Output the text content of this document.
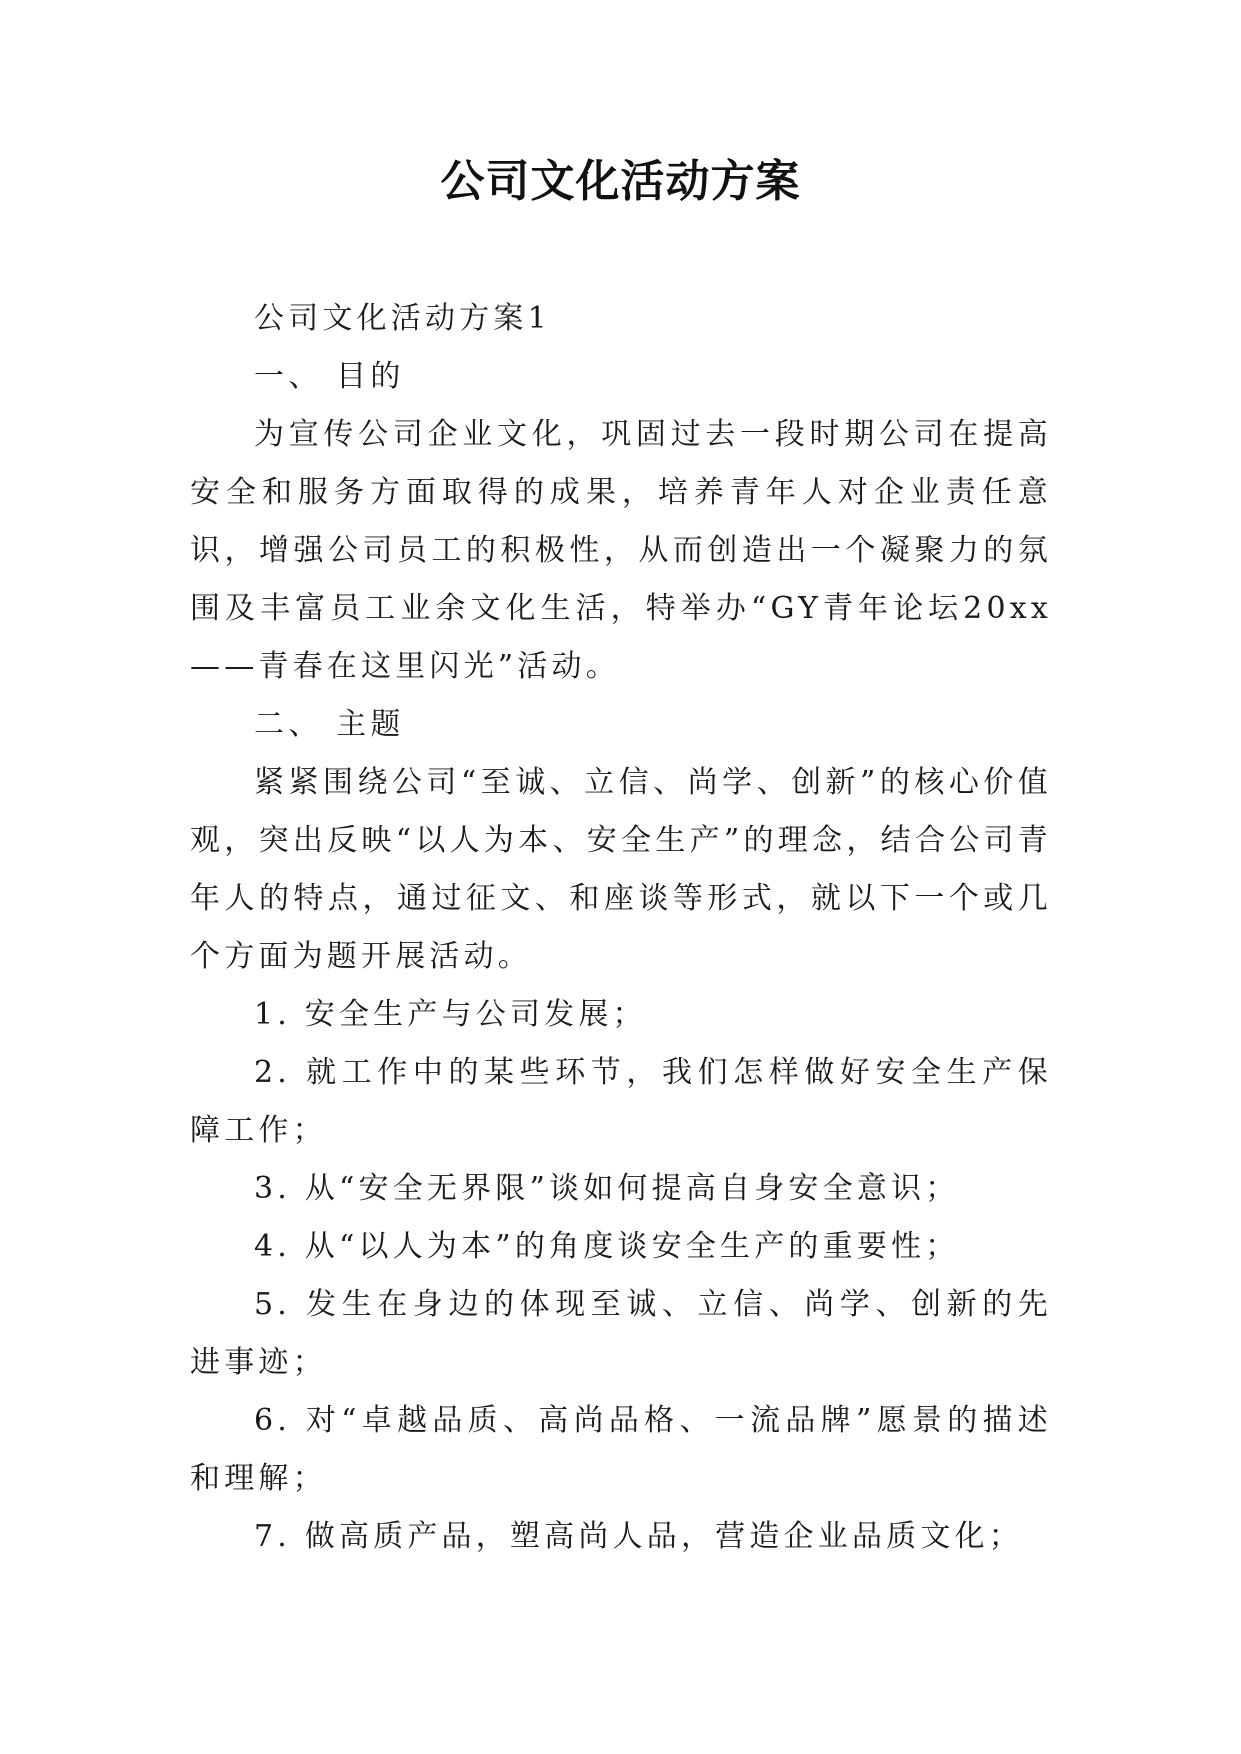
公司文化活动方案

公司文化活动方案1

一、 目的

为宣传公司企业文化，巩固过去一段时期公司在提高安全和服务方面取得的成果，培养青年人对企业责任意识，增强公司员工的积极性，从而创造出一个凝聚力的氛围及丰富员工业余文化生活，特举办“GY青年论坛20xx——青春在这里闪光”活动。

二、 主题

紧紧围绕公司“至诚、立信、尚学、创新”的核心价值观，突出反映“以人为本、安全生产”的理念，结合公司青年人的特点，通过征文、和座谈等形式，就以下一个或几个方面为题开展活动。

1. 安全生产与公司发展；

2. 就工作中的某些环节，我们怎样做好安全生产保障工作；

3. 从“安全无界限”谈如何提高自身安全意识；

4. 从“以人为本”的角度谈安全生产的重要性；

5. 发生在身边的体现至诚、立信、尚学、创新的先进事迹；

6. 对“卓越品质、高尚品格、一流品牌”愿景的描述和理解；

7. 做高质产品，塑高尚人品，营造企业品质文化；
